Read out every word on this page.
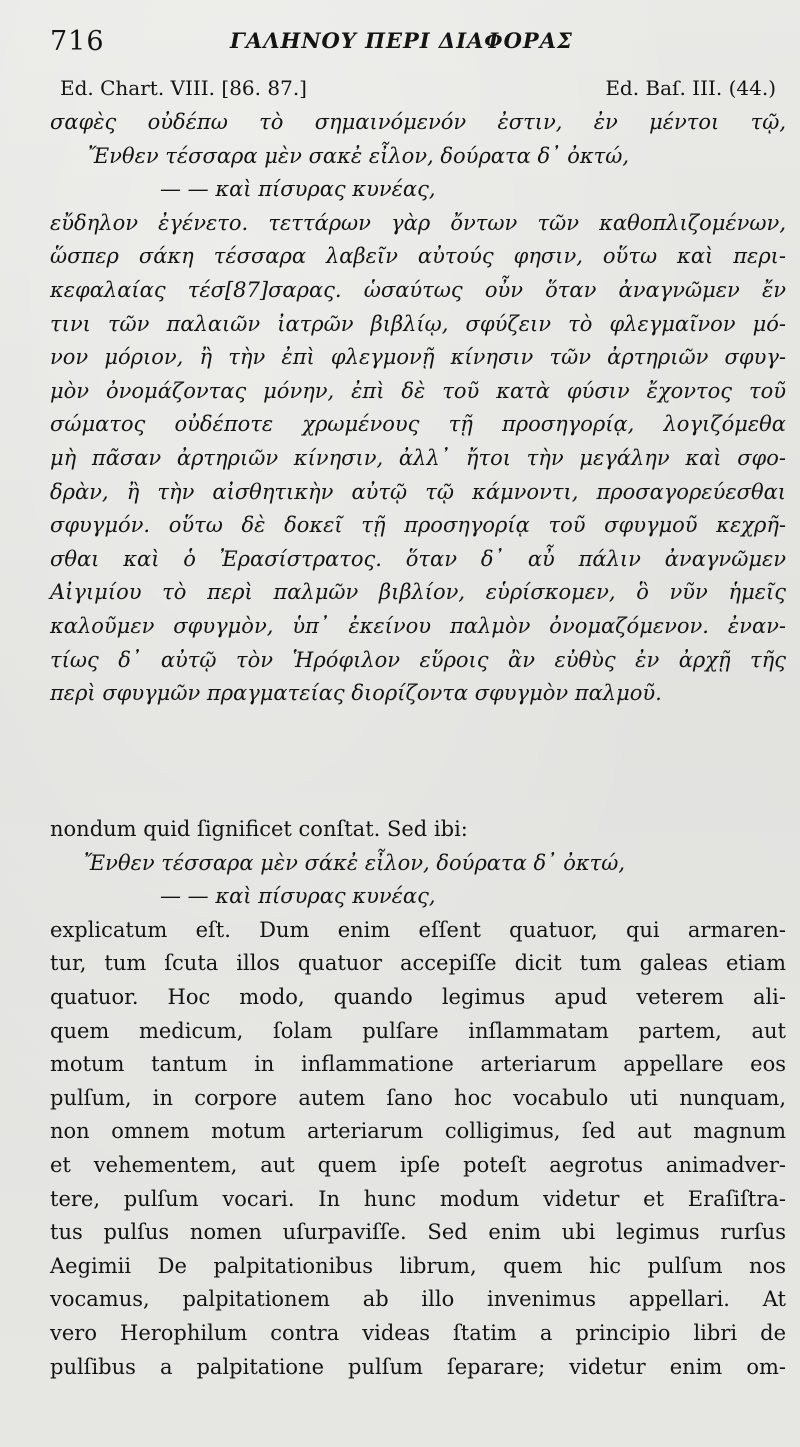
716	ΓΑΛΗΝΟΥ ΠΕΡΙ ΔΙΑΦΟΡΑΣ
Ed. Chart. VIII. [86. 87.]	Ed. Baſ. III. (44.)
σαφὲς οὐδέπω τὸ σημαινόμενόν ἐστιν, ἐν μέντοι τῷ,
Ἔνθεν τέσσαρα μὲν σακἐ εἶλον, δούρατα δ᾽ ὀκτώ,
— — καὶ πίσυρας κυνέας,
εὔδηλον ἐγένετο. τεττάρων γὰρ ὄντων τῶν καθοπλιζομένων,
ὥσπερ σάκη τέσσαρα λαβεῖν αὐτούς φησιν, οὕτω καὶ περι-
κεφαλαίας τέσ[87]σαρας. ὡσαύτως οὖν ὅταν ἀναγνῶμεν ἔν
τινι τῶν παλαιῶν ἰατρῶν βιβλίῳ, σφύζειν τὸ φλεγμαῖνον μό-
νον μόριον, ἢ τὴν ἐπὶ φλεγμονῇ κίνησιν τῶν ἀρτηριῶν σφυγ-
μὸν ὀνομάζοντας μόνην, ἐπὶ δὲ τοῦ κατὰ φύσιν ἔχοντος τοῦ
σώματος οὐδέποτε χρωμένους τῇ προσηγορίᾳ, λογιζόμεθα
μὴ πᾶσαν ἀρτηριῶν κίνησιν, ἀλλ᾽ ἤτοι τὴν μεγάλην καὶ σφο-
δρὰν, ἢ τὴν αἰσθητικὴν αὐτῷ τῷ κάμνοντι, προσαγορεύεσθαι
σφυγμόν. οὕτω δὲ δοκεῖ τῇ προσηγορίᾳ τοῦ σφυγμοῦ κεχρῆ-
σθαι καὶ ὁ Ἐρασίστρατος. ὅταν δ᾽ αὖ πάλιν ἀναγνῶμεν
Αἰγιμίου τὸ περὶ παλμῶν βιβλίον, εὑρίσκομεν, ὃ νῦν ἡμεῖς
καλοῦμεν σφυγμὸν, ὑπ᾽ ἐκείνου παλμὸν ὀνομαζόμενον. ἐναν-
τίως δ᾽ αὐτῷ τὸν Ἡρόφιλον εὕροις ἂν εὐθὺς ἐν ἀρχῇ τῆς
περὶ σφυγμῶν πραγματείας διορίζοντα σφυγμὸν παλμοῦ.
nondum quid ſignificet conſtat. Sed ibi:
Ἔνθεν τέσσαρα μὲν σάκἐ εἶλον, δούρατα δ᾽ ὀκτώ,
— — καὶ πίσυρας κυνέας,
explicatum eſt. Dum enim eſſent quatuor, qui armaren-
tur, tum ſcuta illos quatuor accepiſſe dicit tum galeas etiam
quatuor. Hoc modo, quando legimus apud veterem ali-
quem medicum, ſolam pulſare inſlammatam partem, aut
motum tantum in inflammatione arteriarum appellare eos
pulſum, in corpore autem ſano hoc vocabulo uti nunquam,
non omnem motum arteriarum colligimus, ſed aut magnum
et vehementem, aut quem ipſe poteſt aegrotus animadver-
tere, pulſum vocari. In hunc modum videtur et Eraſiſtra-
tus pulſus nomen uſurpaviſſe. Sed enim ubi legimus rurſus
Aegimii De palpitationibus librum, quem hic pulſum nos
vocamus, palpitationem ab illo invenimus appellari. At
vero Herophilum contra videas ſtatim a principio libri de
pulſibus a palpitatione pulſum ſeparare; videtur enim om-
